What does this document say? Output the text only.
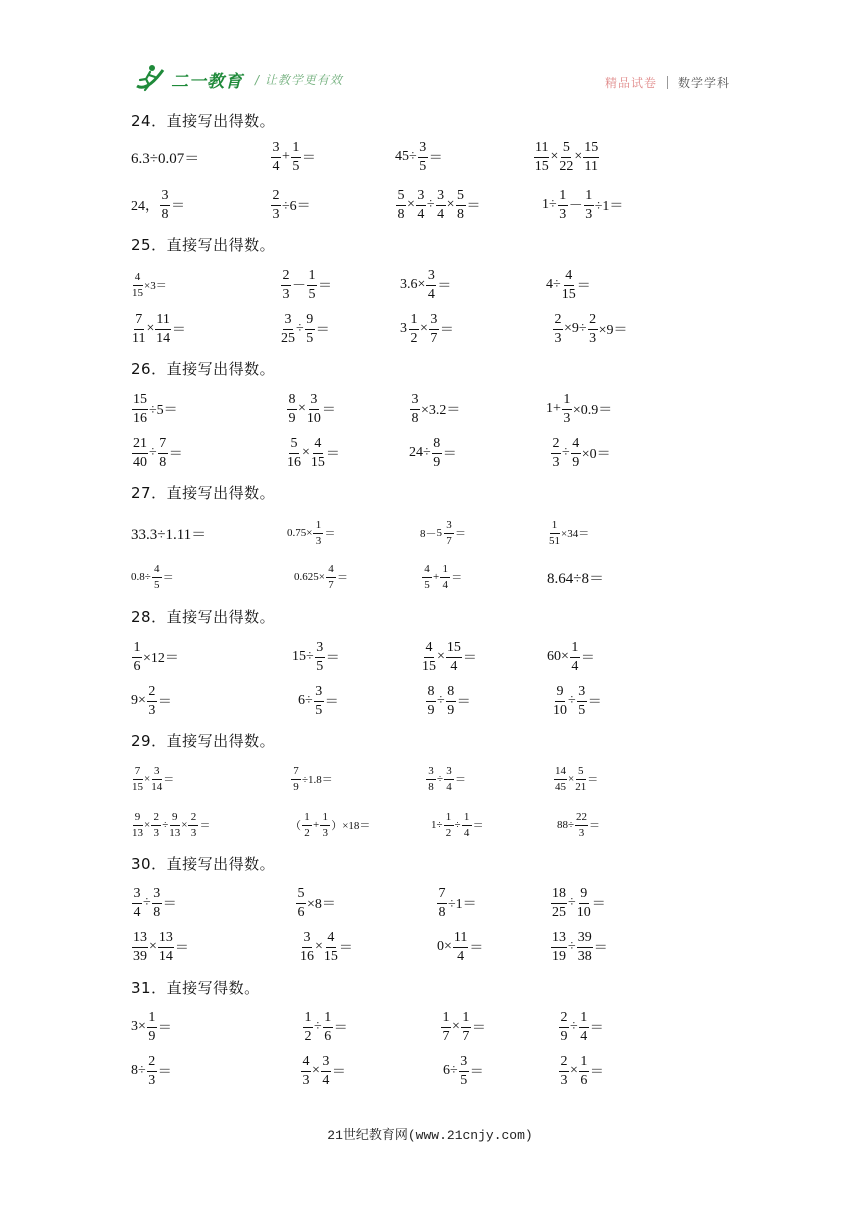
二一教育 / 让教学更有效	精品试卷 数学学科
24．直接写出得数。
6.3÷0.07＝	$\frac{3}{4} + \frac{1}{5}$ ＝	$45\div \frac{3}{5}$ ＝	$\frac{11}{15} \times \frac{5}{22} \times \frac{15}{11}$
24， $\frac{3}{8}$ ＝	$\frac{2}{3} \div 6=$	$\frac{5}{8} \times \frac{3}{4} \div \frac{3}{4} \times \frac{5}{8}$ ＝	$1\div \frac{1}{3} - \frac{1}{3} \div 1=$
25．直接写出得数。
$\frac{4}{15} \times 3=$	$\frac{2}{3} - \frac{1}{5}$ ＝	$3.6\times \frac{3}{4}$ ＝	$4\div \frac{4}{15}$ ＝
$\frac{7}{11} \times \frac{11}{14}$ ＝	$\frac{3}{25} \div \frac{9}{5}$ ＝	$3 \frac{1}{2} \times \frac{3}{7}$ ＝	$\frac{2}{3} \times 9\div \frac{2}{3} \times 9=$
26．直接写出得数。
$\frac{15}{16} \div 5=$	$\frac{8}{9} \times \frac{3}{10}$ ＝	$\frac{3}{8} \times 3.2=$	$1+ \frac{1}{3} \times 0.9=$
$\frac{21}{40} \div \frac{7}{8}$ ＝	$\frac{5}{16} \times \frac{4}{15}$ ＝	$24\div \frac{8}{9}$ ＝	$\frac{2}{3} \div \frac{4}{9} \times 0=$
27．直接写出得数。
33.3÷1.11＝	$0.75\times \frac{1}{3}$ ＝	$8- 5 \frac{3}{7}$ ＝	$\frac{1}{51} \times 34=$
$0.8\div \frac{4}{5}$ ＝	$0.625\times \frac{4}{7}$ ＝	$\frac{4}{5} + \frac{1}{4}$ ＝	8.64÷8＝
28．直接写出得数。
$\frac{1}{6} \times 12=$	$15\div \frac{3}{5}$ ＝	$\frac{4}{15} \times \frac{15}{4}$ ＝	$60\times \frac{1}{4}$ ＝
$9\times \frac{2}{3}$ ＝	$6\div \frac{3}{5}$ ＝	$\frac{8}{9} \div \frac{8}{9}$ ＝	$\frac{9}{10} \div \frac{3}{5}$ ＝
29．直接写出得数。
$\frac{7}{15} \times \frac{3}{14}$ ＝	$\frac{7}{9} \div 1.8=$	$\frac{3}{8} \div \frac{3}{4}$ ＝	$\frac{14}{45} \times \frac{5}{21}$ ＝
$\frac{9}{13} \times \frac{2}{3} \div \frac{9}{13} \times \frac{2}{3}$ ＝	（ $\frac{1}{2} + \frac{1}{3} )\times 18=$	$1\div \frac{1}{2} \div \frac{1}{4}$ ＝	$88\div \frac{22}{3}$ ＝
30．直接写出得数。
$\frac{3}{4} \div \frac{3}{8}$ ＝	$\frac{5}{6} \times 8=$	$\frac{7}{8} \div 1=$	$\frac{18}{25} \div \frac{9}{10}$ ＝
$\frac{13}{39} \times \frac{13}{14}$ ＝	$\frac{3}{16} \times \frac{4}{15}$ ＝	$0\times \frac{11}{4}$ ＝	$\frac{13}{19} \div \frac{39}{38}$ ＝
31．直接写得数。
$3\times \frac{1}{9}$ ＝	$\frac{1}{2} \div \frac{1}{6}$ ＝	$\frac{1}{7} \times \frac{1}{7}$ ＝	$\frac{2}{9} \div \frac{1}{4}$ ＝
$8\div \frac{2}{3}$ ＝	$\frac{4}{3} \times \frac{3}{4}$ ＝	$6\div \frac{3}{5}$ ＝	$\frac{2}{3} \times \frac{1}{6}$ ＝
21世纪教育网(www.21cnjy.com)
